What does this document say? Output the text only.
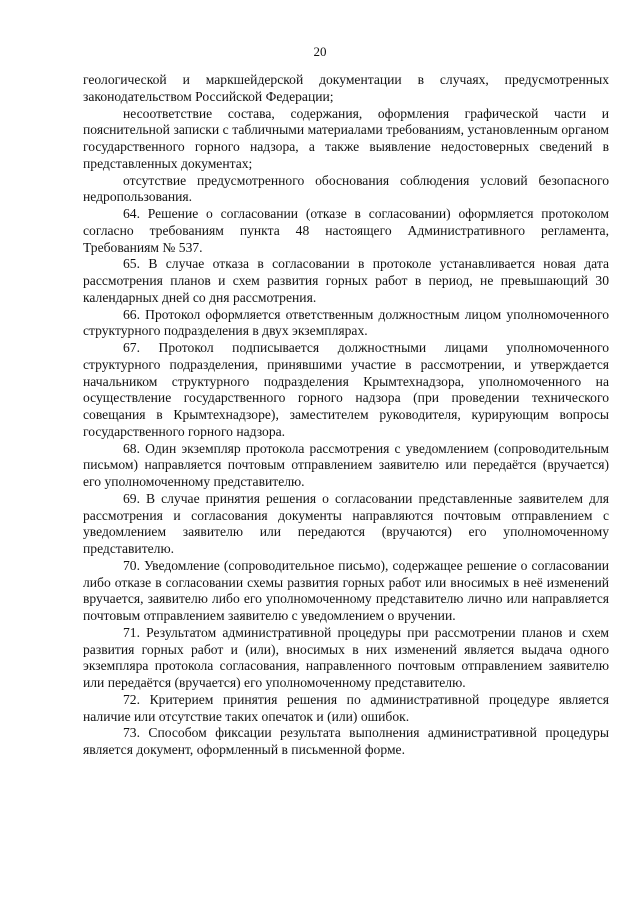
20

геологической и маркшейдерской документации в случаях, предусмотренных законодательством Российской Федерации;

несоответствие состава, содержания, оформления графической части и пояснительной записки с табличными материалами требованиям, установленным органом государственного горного надзора, а также выявление недостоверных сведений в представленных документах;

отсутствие предусмотренного обоснования соблюдения условий безопасного недропользования.

64. Решение о согласовании (отказе в согласовании) оформляется протоколом согласно требованиям пункта 48 настоящего Административного регламента, Требованиям № 537.

65. В случае отказа в согласовании в протоколе устанавливается новая дата рассмотрения планов и схем развития горных работ в период, не превышающий 30 календарных дней со дня рассмотрения.

66. Протокол оформляется ответственным должностным лицом уполномоченного структурного подразделения в двух экземплярах.

67. Протокол подписывается должностными лицами уполномоченного структурного подразделения, принявшими участие в рассмотрении, и утверждается начальником структурного подразделения Крымтехнадзора, уполномоченного на осуществление государственного горного надзора (при проведении технического совещания в Крымтехнадзоре), заместителем руководителя, курирующим вопросы государственного горного надзора.

68. Один экземпляр протокола рассмотрения с уведомлением (сопроводительным письмом) направляется почтовым отправлением заявителю или передаётся (вручается) его уполномоченному представителю.

69. В случае принятия решения о согласовании представленные заявителем для рассмотрения и согласования документы направляются почтовым отправлением с уведомлением заявителю или передаются (вручаются) его уполномоченному представителю.

70. Уведомление (сопроводительное письмо), содержащее решение о согласовании либо отказе в согласовании схемы развития горных работ или вносимых в неё изменений вручается, заявителю либо его уполномоченному представителю лично или направляется почтовым отправлением заявителю с уведомлением о вручении.

71. Результатом административной процедуры при рассмотрении планов и схем развития горных работ и (или), вносимых в них изменений является выдача одного экземпляра протокола согласования, направленного почтовым отправлением заявителю или передаётся (вручается) его уполномоченному представителю.

72. Критерием принятия решения по административной процедуре является наличие или отсутствие таких опечаток и (или) ошибок.

73. Способом фиксации результата выполнения административной процедуры является документ, оформленный в письменной форме.
